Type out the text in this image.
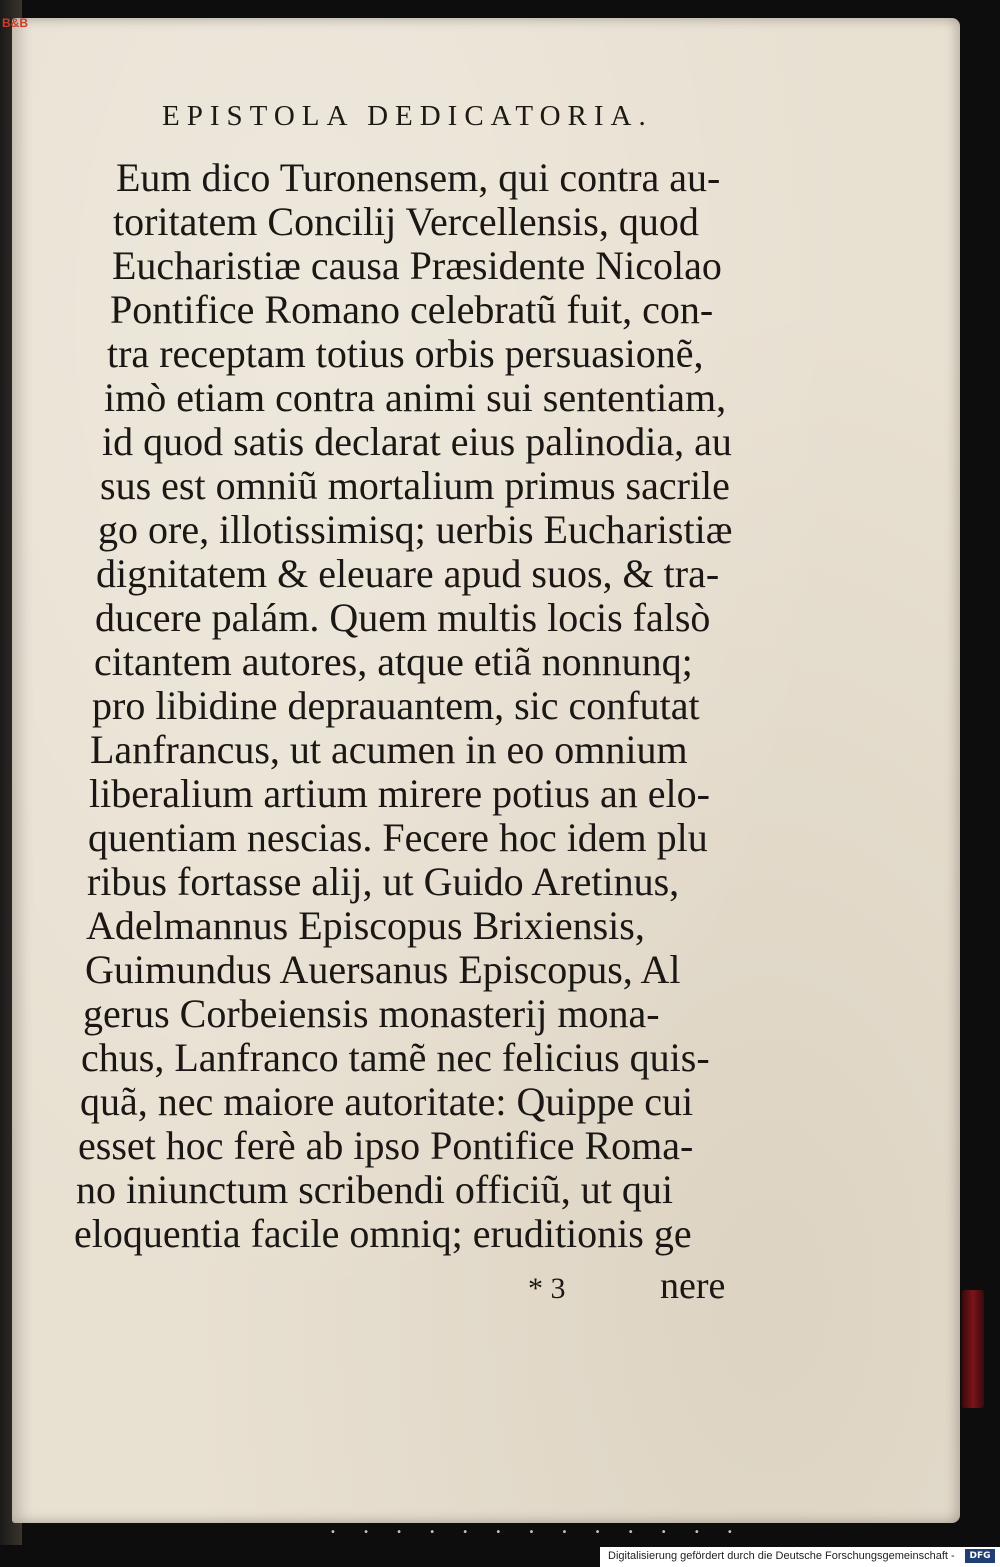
B&B
EPISTOLA DEDICATORIA.
Eum dico Turonensem, qui contra au-
toritatem Concilij Vercellensis, quod
Eucharistiæ causa Præsidente Nicolao
Pontifice Romano celebratũ fuit, con-
tra receptam totius orbis persuasionẽ,
imò etiam contra animi sui sententiam,
id quod satis declarat eius palinodia, au
sus est omniũ mortalium primus sacrile
go ore, illotissimisq; uerbis Eucharistiæ
dignitatem & eleuare apud suos, & tra-
ducere palám. Quem multis locis falsò
citantem autores, atque etiã nonnunq;
pro libidine deprauantem, sic confutat
Lanfrancus, ut acumen in eo omnium
liberalium artium mirere potius an elo-
quentiam nescias. Fecere hoc idem plu
ribus fortasse alij, ut Guido Aretinus,
Adelmannus Episcopus Brixiensis,
Guimundus Auersanus Episcopus, Al
gerus Corbeiensis monasterij mona-
chus, Lanfranco tamẽ nec felicius quis-
quã, nec maiore autoritate: Quippe cui
esset hoc ferè ab ipso Pontifice Roma-
no iniunctum scribendi officiũ, ut qui
eloquentia facile omniq; eruditionis ge
* 3 nere
• • • • • • • • • • • • •
Digitalisierung gefördert durch die Deutsche Forschungsgemeinschaft -	DFG
